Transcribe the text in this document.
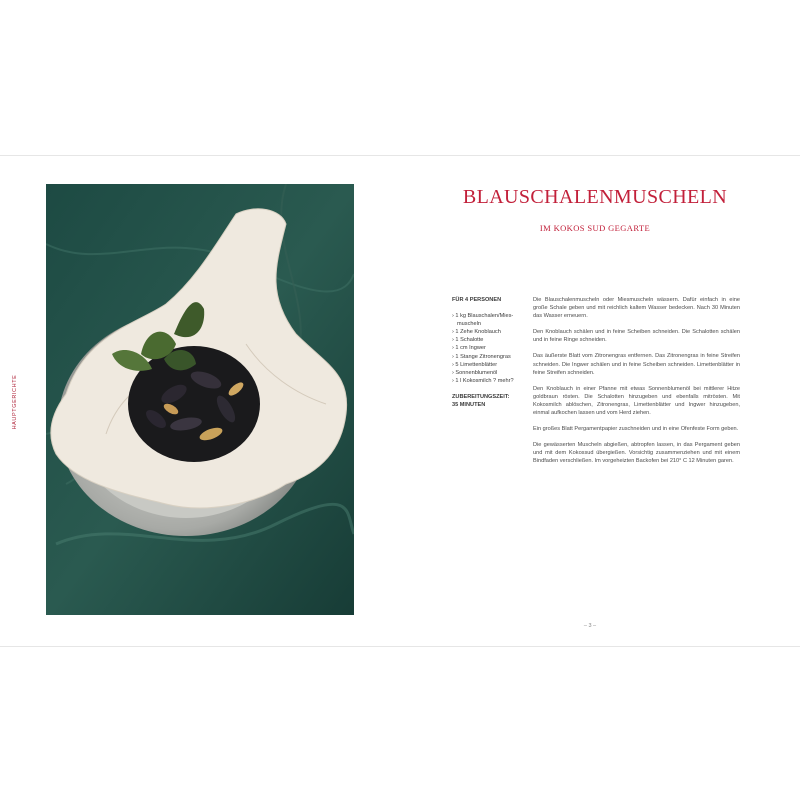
HAUPTGERICHTE
BLAUSCHALENMUSCHELN
IM KOKOS SUD GEGARTE
FÜR 4 PERSONEN
› 1 kg Blauschalen/Mies-
muscheln
› 1 Zehe Knoblauch
› 1 Schalotte
› 1 cm Ingwer
› 1 Stange Zitronengras
› 5 Limettenblätter
› Sonnenblumenöl
› 1 l Kokosmilch ? mehr?
ZUBEREITUNGSZEIT:
35 MINUTEN

Die Blauschalenmuscheln oder Miesmuscheln wässern. Dafür einfach in eine große Schale geben und mit reichlich kaltem Wasser bedecken. Nach 30 Minuten das Wasser erneuern.

Den Knoblauch schälen und in feine Scheiben schneiden. Die Schalotten schälen und in feine Ringe schneiden.

Das äußerste Blatt vom Zitronengras entfernen. Das Zitronengras in feine Streifen schneiden. Die Ingwer schälen und in feine Scheiben schneiden. Limettenblätter in feine Streifen schneiden.

Den Knoblauch in einer Pfanne mit etwas Sonnenblumenöl bei mittlerer Hitze goldbraun rösten. Die Schalotten hinzugeben und ebenfalls mitrösten. Mit Kokosmilch ablöschen, Zitronengras, Limettenblätter und Ingwer hinzugeben, einmal aufkochen lassen und vom Herd ziehen.

Ein großes Blatt Pergamentpapier zuschneiden und in eine Ofenfeste Form geben.

Die gewässerten Muscheln abgießen, abtropfen lassen, in das Pergament geben und mit dem Kokossud übergießen. Vorsichtig zusammenziehen und mit einem Bindfaden verschließen. Im vorgeheizten Backofen bei 210° C 12 Minuten garen.

– 3 –
